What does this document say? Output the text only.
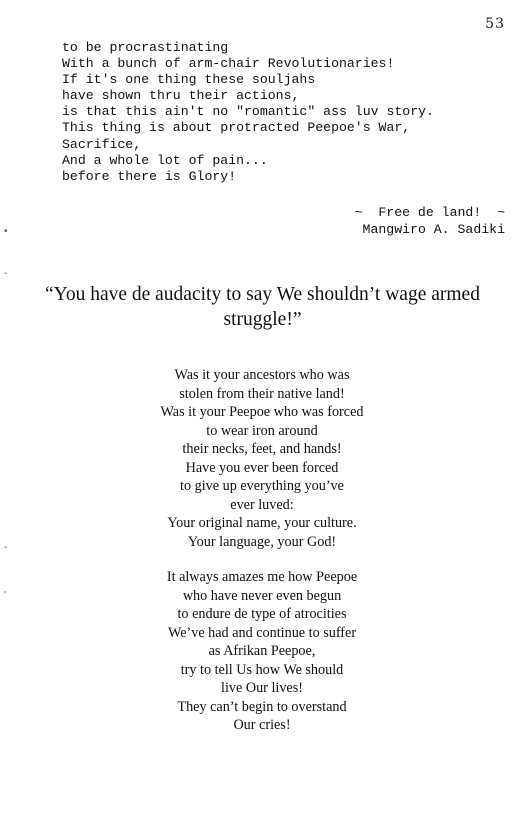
53
to be procrastinating
With a bunch of arm-chair Revolutionaries!
If it's one thing these souljahs
have shown thru their actions,
is that this ain't no "romantic" ass luv story.
This thing is about protracted Peepoe's War,
Sacrifice,
And a whole lot of pain...
before there is Glory!
~  Free de land!  ~
Mangwiro A. Sadiki
•
-
-
'
“You have de audacity to say We shouldn’t wage armed struggle!”
Was it your ancestors who was
stolen from their native land!
Was it your Peepoe who was forced
to wear iron around
their necks, feet, and hands!
Have you ever been forced
to give up everything you’ve
ever luved:
Your original name, your culture.
Your language, your God!
It always amazes me how Peepoe
who have never even begun
to endure de type of atrocities
We’ve had and continue to suffer
as Afrikan Peepoe,
try to tell Us how We should
live Our lives!
They can’t begin to overstand
Our cries!
